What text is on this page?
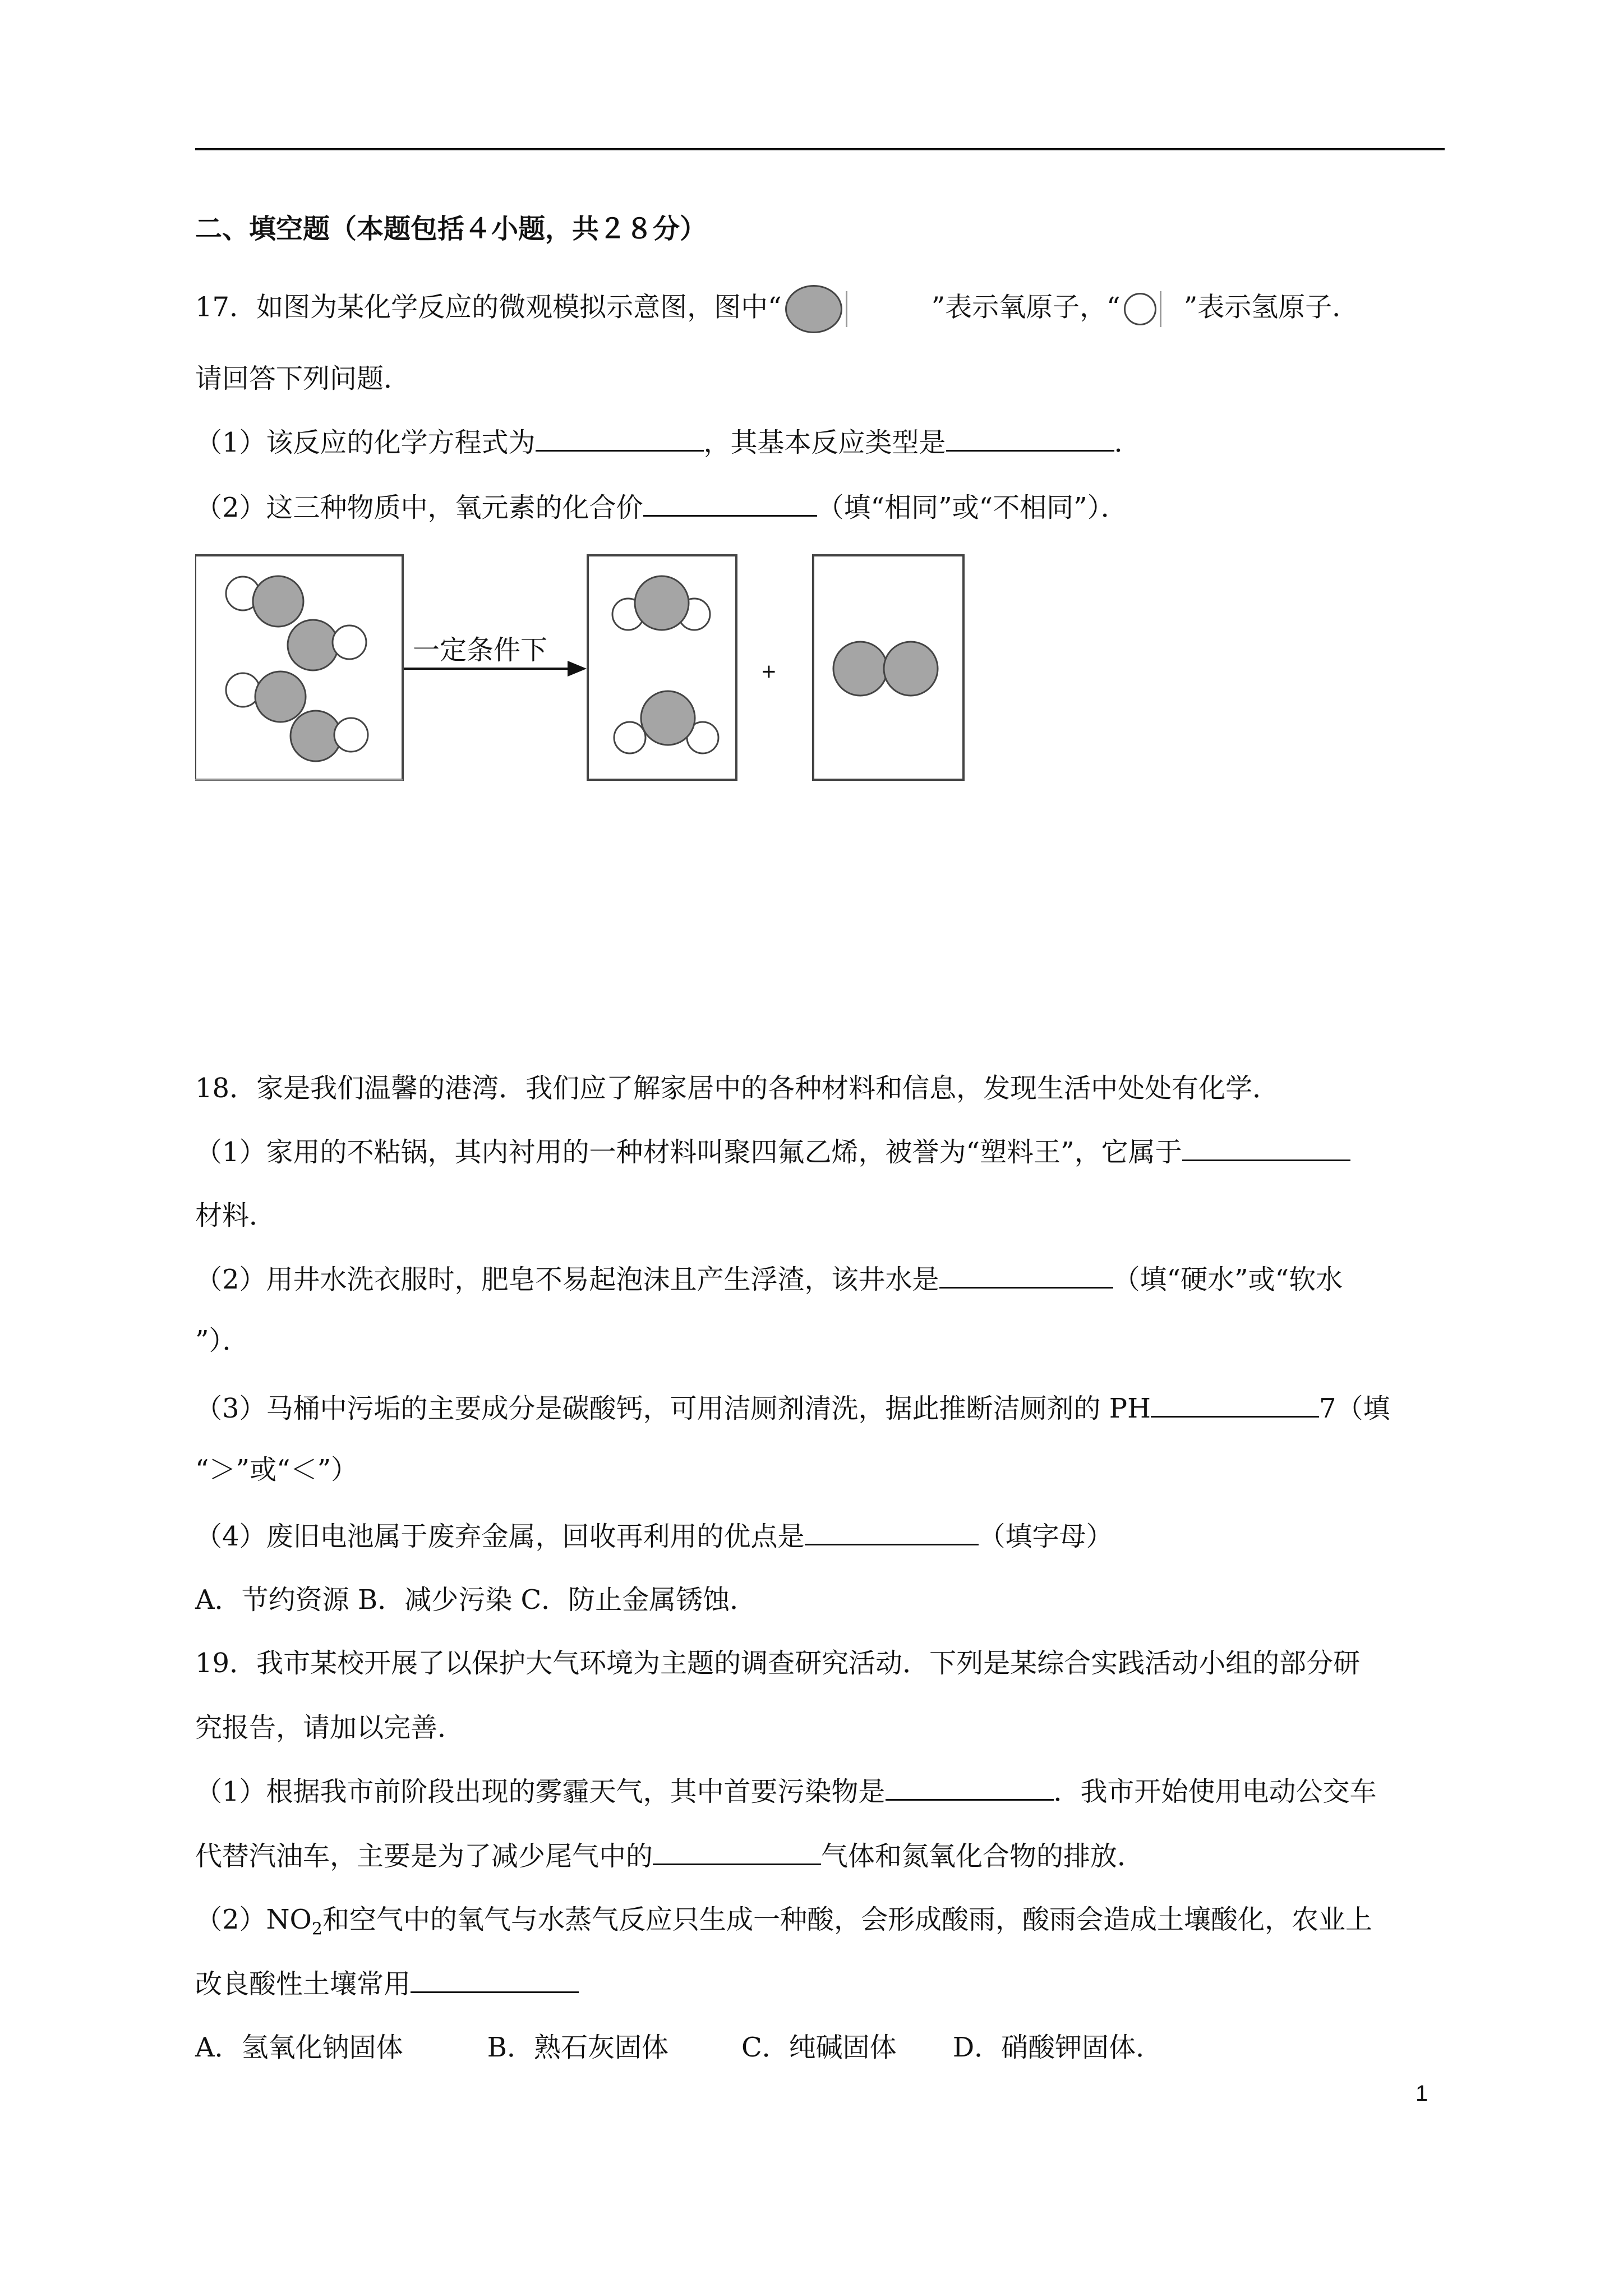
二、填空题（本题包括４小题，共２８分）
17．如图为某化学反应的微观模拟示意图，图中“	”表示氧原子，“ ”表示氢原子．
请回答下列问题．
（1）该反应的化学方程式为	，其基本反应类型是	．
（2）这三种物质中，氧元素的化合价	（填“相同”或“不相同”）．
一定条件下
+
18．家是我们温馨的港湾．我们应了解家居中的各种材料和信息，发现生活中处处有化学．
（1）家用的不粘锅，其内衬用的一种材料叫聚四氟乙烯，被誉为“塑料王”，它属于
材料．
（2）用井水洗衣服时，肥皂不易起泡沫且产生浮渣，该井水是	（填“硬水”或“软水
”）．
（3）马桶中污垢的主要成分是碳酸钙，可用洁厕剂清洗，据此推断洁厕剂的 PH	7（填
“＞”或“＜”）
（4）废旧电池属于废弃金属，回收再利用的优点是	（填字母）
A．节约资源 B．减少污染 C．防止金属锈蚀．
19．我市某校开展了以保护大气环境为主题的调查研究活动．下列是某综合实践活动小组的部分研
究报告，请加以完善．
（1）根据我市前阶段出现的雾霾天气，其中首要污染物是	．我市开始使用电动公交车
代替汽油车，主要是为了减少尾气中的	气体和氮氧化合物的排放．
$(2)NO_2$和空气中的氧气与水蒸气反应只生成一种酸，会形成酸雨，酸雨会造成土壤酸化，农业上
改良酸性土壤常用
A．氢氧化钠固体	B．熟石灰固体	C．纯碱固体 D．硝酸钾固体．
1
